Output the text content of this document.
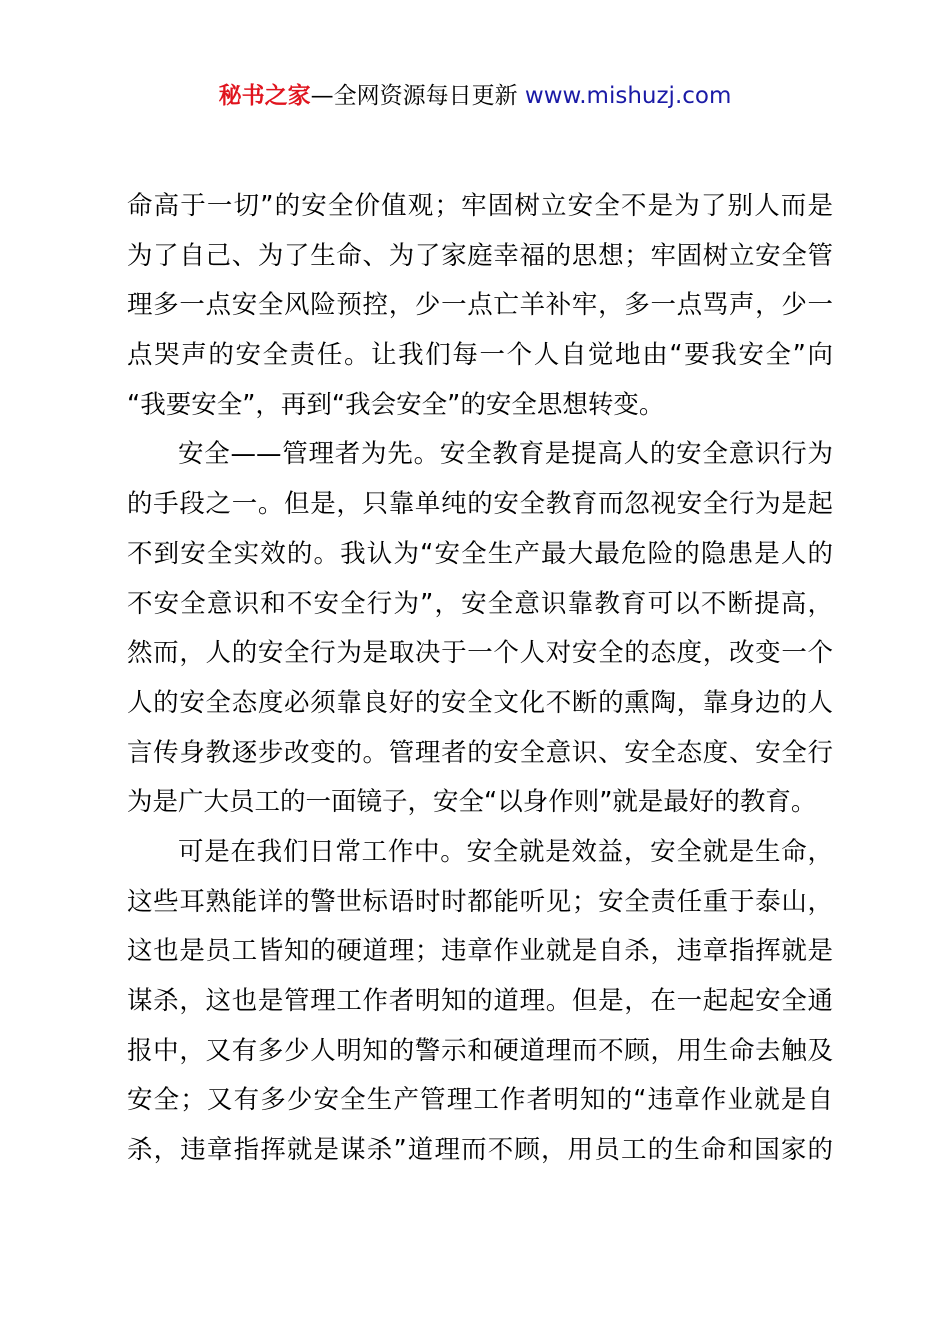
秘书之家—全网资源每日更新 www.mishuzj.com
命高于一切”的安全价值观；牢固树立安全不是为了别人而是
为了自己、为了生命、为了家庭幸福的思想；牢固树立安全管
理多一点安全风险预控，少一点亡羊补牢，多一点骂声，少一
点哭声的安全责任。让我们每一个人自觉地由“要我安全”向
“我要安全”，再到“我会安全”的安全思想转变。
安全——管理者为先。安全教育是提高人的安全意识行为
的手段之一。但是，只靠单纯的安全教育而忽视安全行为是起
不到安全实效的。我认为“安全生产最大最危险的隐患是人的
不安全意识和不安全行为”，安全意识靠教育可以不断提高，
然而，人的安全行为是取决于一个人对安全的态度，改变一个
人的安全态度必须靠良好的安全文化不断的熏陶，靠身边的人
言传身教逐步改变的。管理者的安全意识、安全态度、安全行
为是广大员工的一面镜子，安全“以身作则”就是最好的教育。
可是在我们日常工作中。安全就是效益，安全就是生命，
这些耳熟能详的警世标语时时都能听见；安全责任重于泰山，
这也是员工皆知的硬道理；违章作业就是自杀，违章指挥就是
谋杀，这也是管理工作者明知的道理。但是，在一起起安全通
报中，又有多少人明知的警示和硬道理而不顾，用生命去触及
安全；又有多少安全生产管理工作者明知的“违章作业就是自
杀，违章指挥就是谋杀”道理而不顾，用员工的生命和国家的
